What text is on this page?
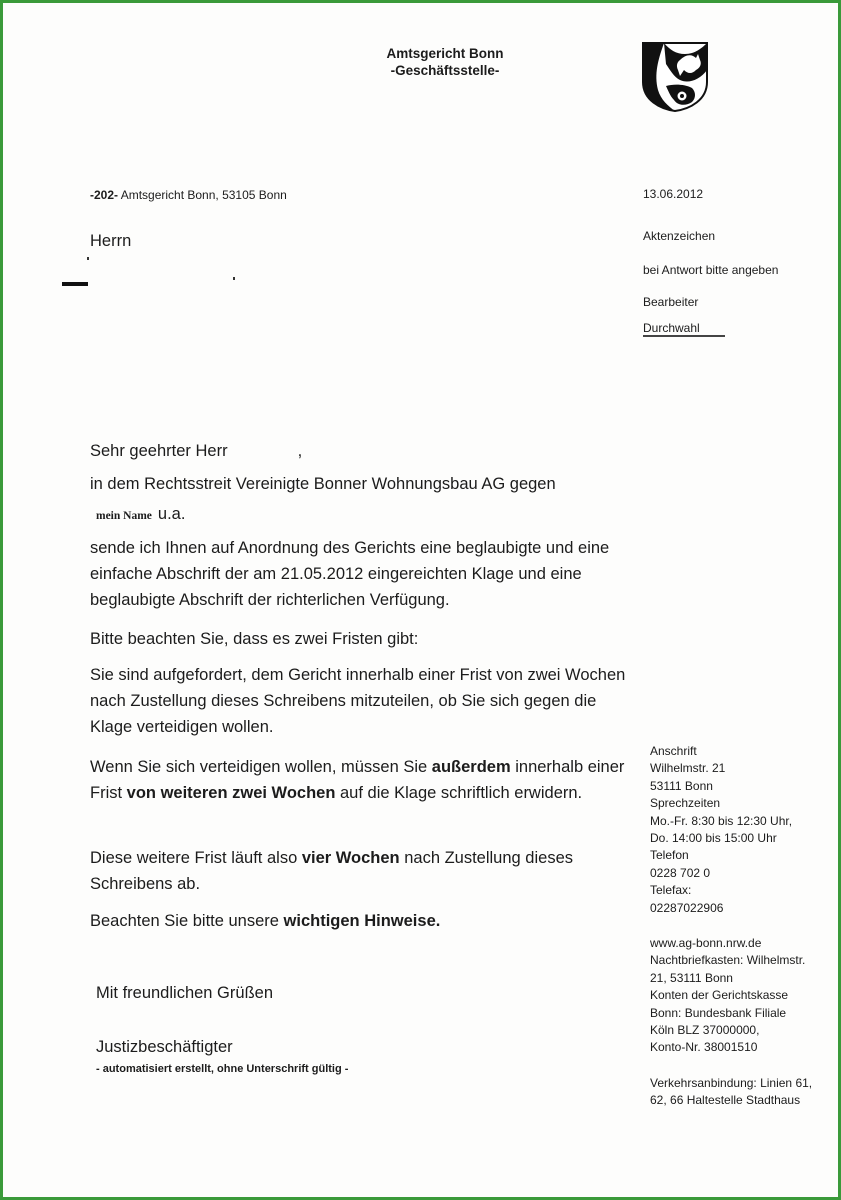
Amtsgericht Bonn
-Geschäftsstelle-
-202- Amtsgericht Bonn, 53105 Bonn	13.06.2012
Herrn	Aktenzeichen
bei Antwort bitte angeben
Bearbeiter
Durchwahl
Sehr geehrter Herr	,
in dem Rechtsstreit Vereinigte Bonner Wohnungsbau AG gegen
mein Name u.a.
sende ich Ihnen auf Anordnung des Gerichts eine beglaubigte und eine einfache Abschrift der am 21.05.2012 eingereichten Klage und eine beglaubigte Abschrift der richterlichen Verfügung.
Bitte beachten Sie, dass es zwei Fristen gibt:
Sie sind aufgefordert, dem Gericht innerhalb einer Frist von zwei Wochen nach Zustellung dieses Schreibens mitzuteilen, ob Sie sich gegen die Klage verteidigen wollen.
Wenn Sie sich verteidigen wollen, müssen Sie außerdem innerhalb einer Frist von weiteren zwei Wochen auf die Klage schriftlich erwidern.
Diese weitere Frist läuft also vier Wochen nach Zustellung dieses Schreibens ab.
Beachten Sie bitte unsere wichtigen Hinweise.
Mit freundlichen Grüßen
Justizbeschäftigter
- automatisiert erstellt, ohne Unterschrift gültig -
Anschrift
Wilhelmstr. 21
53111 Bonn
Sprechzeiten
Mo.-Fr. 8:30 bis 12:30 Uhr,
Do. 14:00 bis 15:00 Uhr
Telefon
0228 702 0
Telefax:
02287022906
www.ag-bonn.nrw.de
Nachtbriefkasten: Wilhelmstr.
21, 53111 Bonn
Konten der Gerichtskasse
Bonn: Bundesbank Filiale
Köln BLZ 37000000,
Konto-Nr. 38001510
Verkehrsanbindung: Linien 61,
62, 66 Haltestelle Stadthaus
